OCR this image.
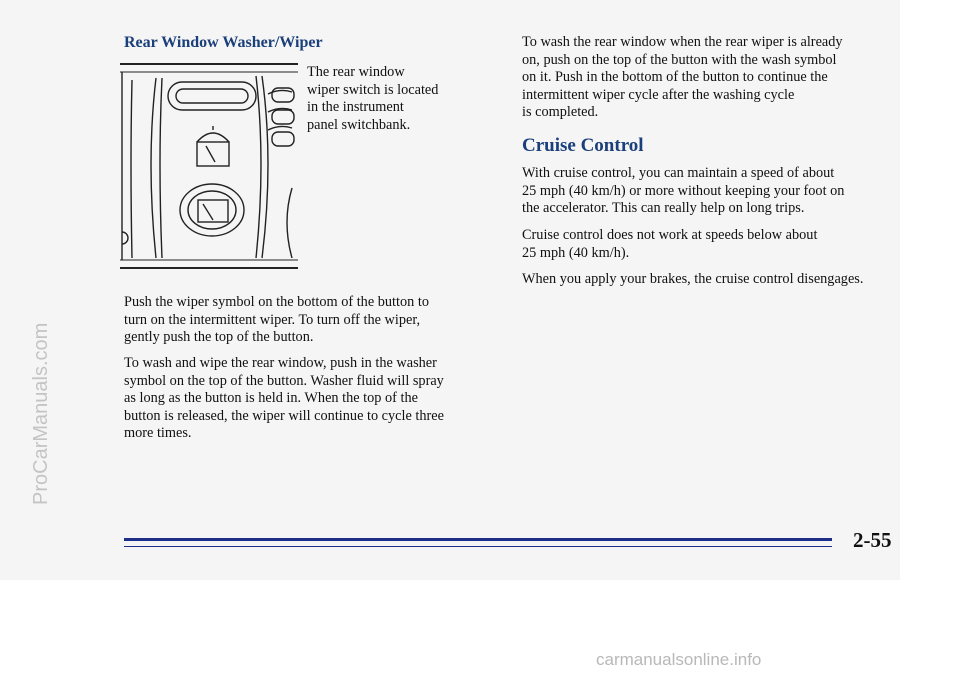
ProCarManuals.com
Rear Window Washer/Wiper

The rear window
wiper switch is located
in the instrument
panel switchbank.

Push the wiper symbol on the bottom of the button to
turn on the intermittent wiper. To turn off the wiper,
gently push the top of the button.

To wash and wipe the rear window, push in the washer
symbol on the top of the button. Washer fluid will spray
as long as the button is held in. When the top of the
button is released, the wiper will continue to cycle three
more times.

To wash the rear window when the rear wiper is already
on, push on the top of the button with the wash symbol
on it. Push in the bottom of the button to continue the
intermittent wiper cycle after the washing cycle
is completed.

Cruise Control

With cruise control, you can maintain a speed of about
25 mph (40 km/h) or more without keeping your foot on
the accelerator. This can really help on long trips.

Cruise control does not work at speeds below about
25 mph (40 km/h).

When you apply your brakes, the cruise control disengages.

2-55
carmanualsonline.info
